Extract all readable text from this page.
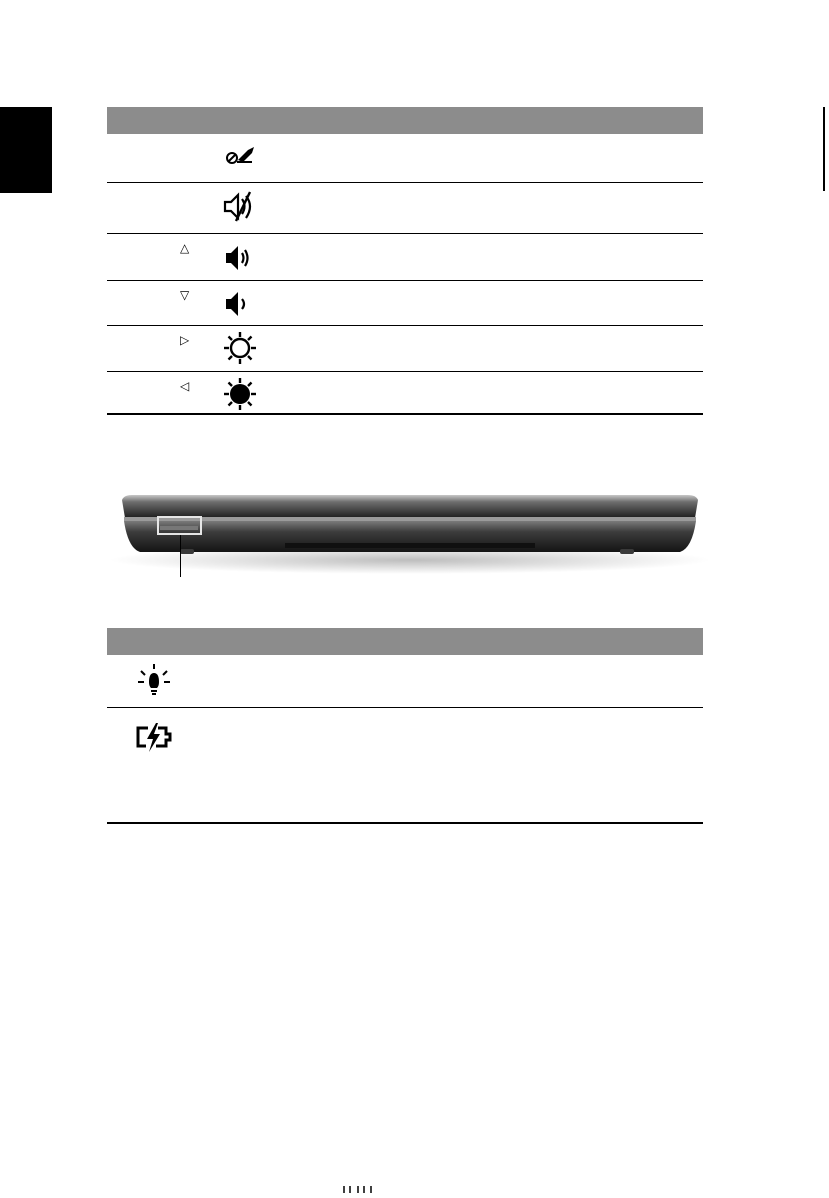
△
▽
▷
◁
